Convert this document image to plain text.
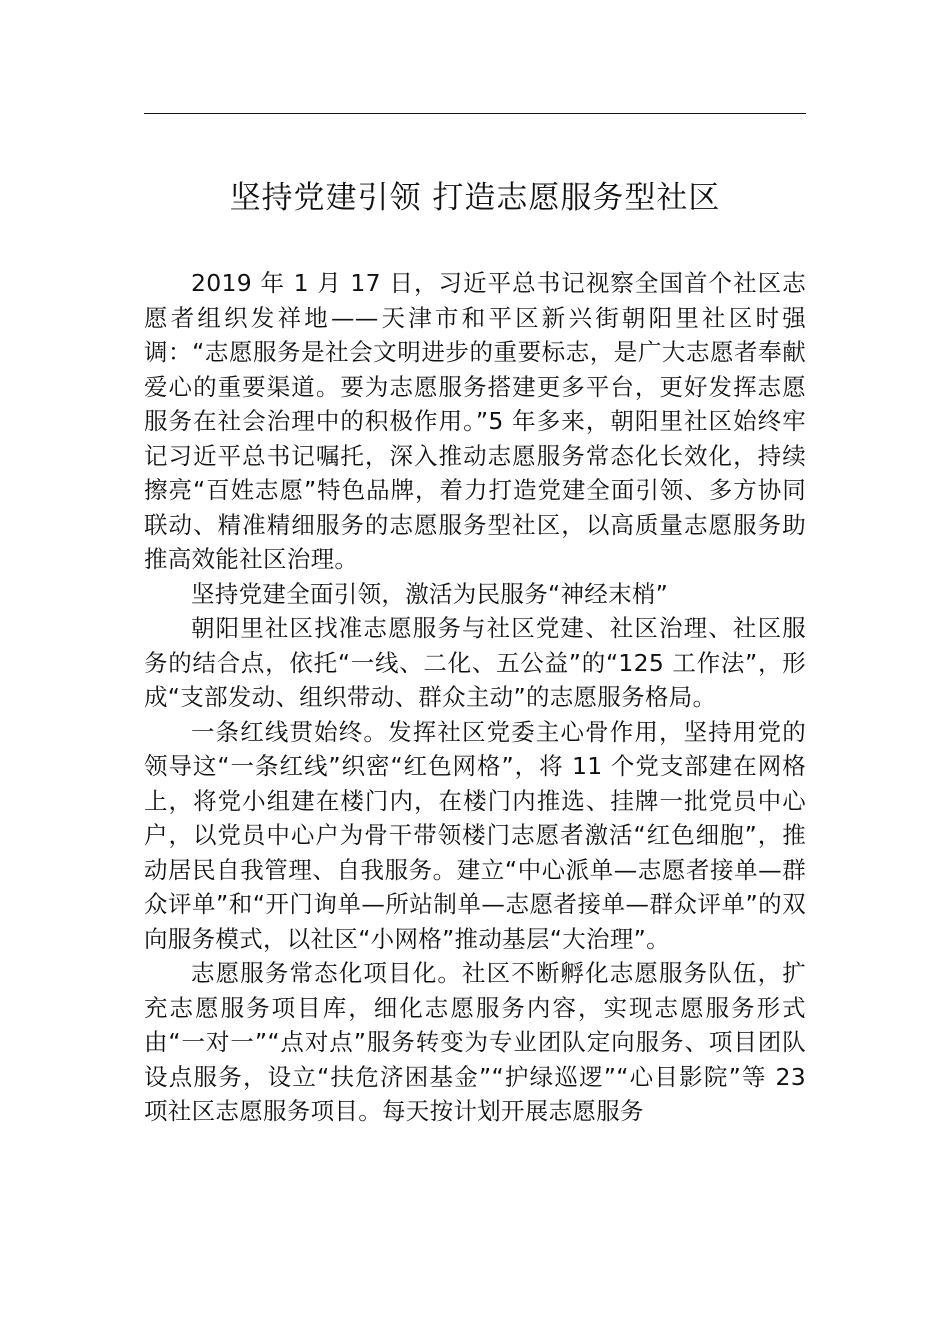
坚持党建引领 打造志愿服务型社区

2019 年 1 月 17 日，习近平总书记视察全国首个社区志愿者组织发祥地——天津市和平区新兴街朝阳里社区时强调：“志愿服务是社会文明进步的重要标志，是广大志愿者奉献爱心的重要渠道。要为志愿服务搭建更多平台，更好发挥志愿服务在社会治理中的积极作用。”5 年多来，朝阳里社区始终牢记习近平总书记嘱托，深入推动志愿服务常态化长效化，持续擦亮“百姓志愿”特色品牌，着力打造党建全面引领、多方协同联动、精准精细服务的志愿服务型社区，以高质量志愿服务助推高效能社区治理。

坚持党建全面引领，激活为民服务“神经末梢”

朝阳里社区找准志愿服务与社区党建、社区治理、社区服务的结合点，依托“一线、二化、五公益”的“125 工作法”，形成“支部发动、组织带动、群众主动”的志愿服务格局。

一条红线贯始终。发挥社区党委主心骨作用，坚持用党的领导这“一条红线”织密“红色网格”，将 11 个党支部建在网格上，将党小组建在楼门内，在楼门内推选、挂牌一批党员中心户，以党员中心户为骨干带领楼门志愿者激活“红色细胞”，推动居民自我管理、自我服务。建立“中心派单—志愿者接单—群众评单”和“开门询单—所站制单—志愿者接单—群众评单”的双向服务模式，以社区“小网格”推动基层“大治理”。

志愿服务常态化项目化。社区不断孵化志愿服务队伍，扩充志愿服务项目库，细化志愿服务内容，实现志愿服务形式由“一对一”“点对点”服务转变为专业团队定向服务、项目团队设点服务，设立“扶危济困基金”“护绿巡逻”“心目影院”等 23 项社区志愿服务项目。每天按计划开展志愿服务
